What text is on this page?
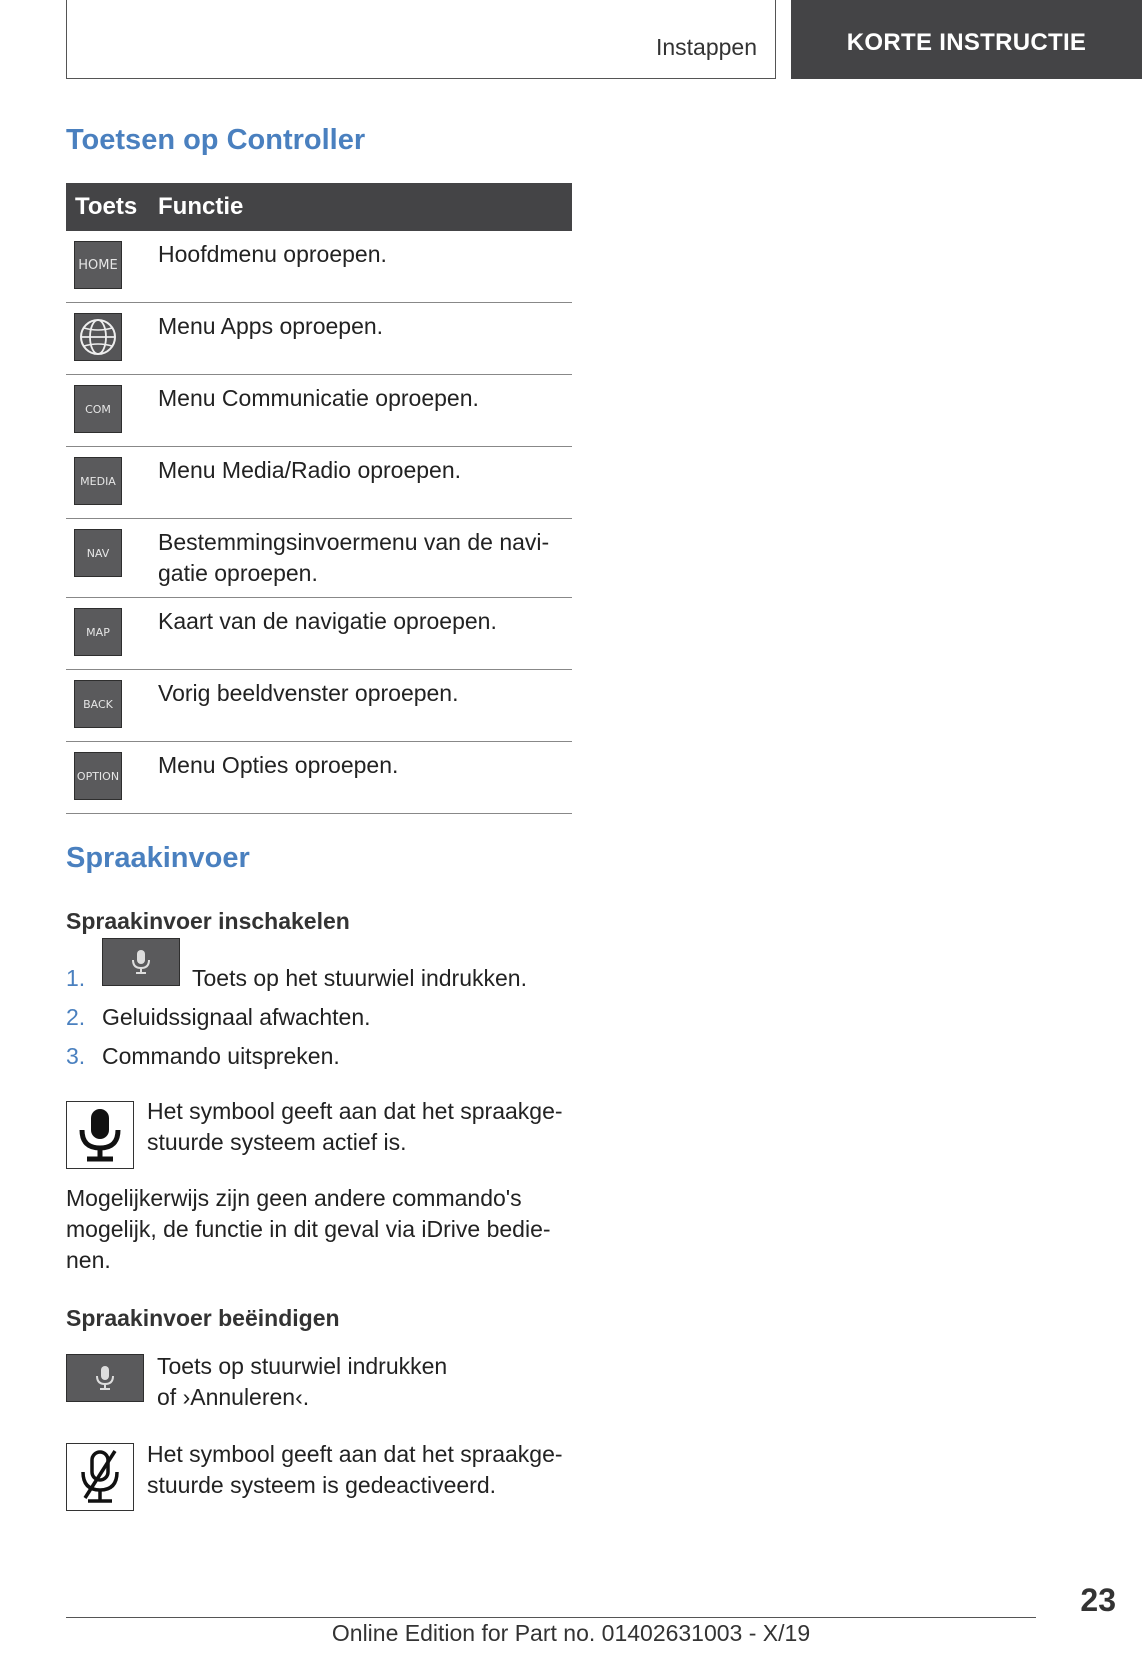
Instappen	KORTE INSTRUCTIE
Toetsen op Controller
Toets Functie
HOME Hoofdmenu oproepen.
Menu Apps oproepen.
COM	Menu Communicatie oproepen.
MEDIA Menu Media/Radio oproepen.
NAV	Bestemmingsinvoermenu van de navi-gatie oproepen.
MAP	Kaart van de navigatie oproepen.
BACK	Vorig beeldvenster oproepen.
OPTION Menu Opties oproepen.
Spraakinvoer
Spraakinvoer inschakelen
1.	Toets op het stuurwiel indrukken.
2. Geluidssignaal afwachten.
3. Commando uitspreken.
Het symbool geeft aan dat het spraakge-stuurde systeem actief is.
Mogelijkerwijs zijn geen andere commando's mogelijk, de functie in dit geval via iDrive bedie-nen.
Spraakinvoer beëindigen
Toets op stuurwiel indrukken
of ›Annuleren‹.
Het symbool geeft aan dat het spraakge-stuurde systeem is gedeactiveerd.
23
Online Edition for Part no. 01402631003 - X/19
